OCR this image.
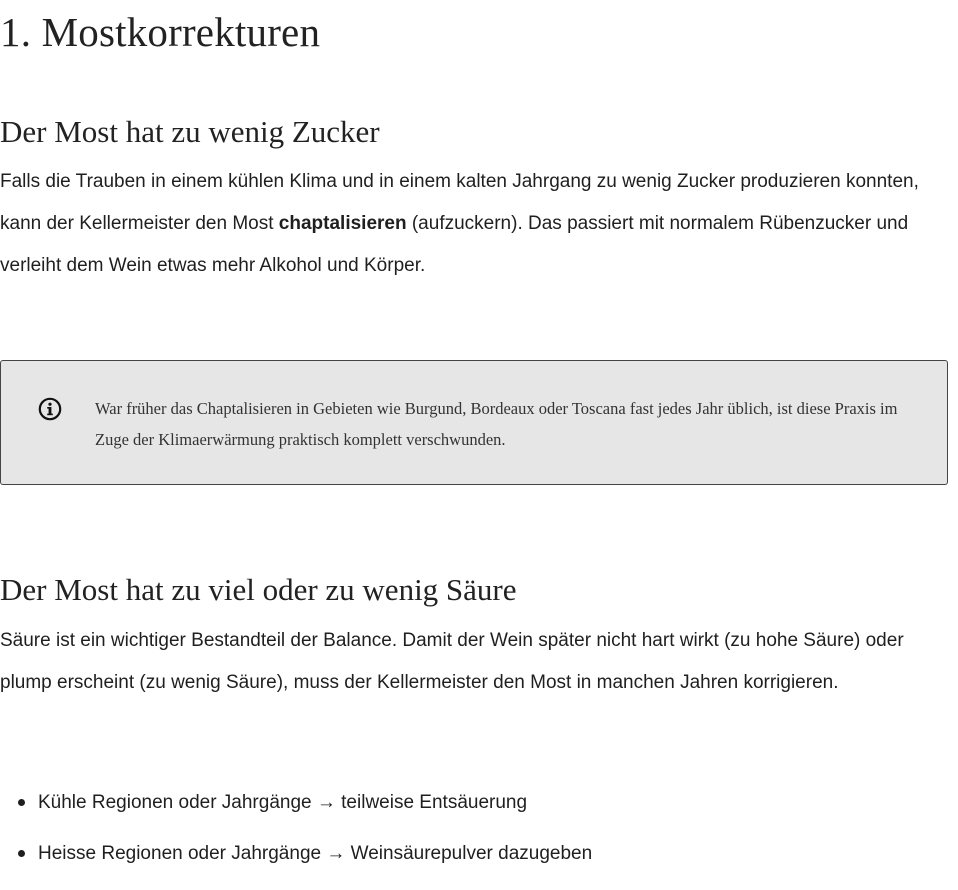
1. Mostkorrekturen
Der Most hat zu wenig Zucker

Falls die Trauben in einem kühlen Klima und in einem kalten Jahrgang zu wenig Zucker produzieren konnten, kann der Kellermeister den Most chaptalisieren (aufzuckern). Das passiert mit normalem Rübenzucker und verleiht dem Wein etwas mehr Alkohol und Körper.

War früher das Chaptalisieren in Gebieten wie Burgund, Bordeaux oder Toscana fast jedes Jahr üblich, ist diese Praxis im Zuge der Klimaerwärmung praktisch komplett verschwunden.

Der Most hat zu viel oder zu wenig Säure

Säure ist ein wichtiger Bestandteil der Balance. Damit der Wein später nicht hart wirkt (zu hohe Säure) oder plump erscheint (zu wenig Säure), muss der Kellermeister den Most in manchen Jahren korrigieren.

Kühle Regionen oder Jahrgänge → teilweise Entsäuerung
Heisse Regionen oder Jahrgänge → Weinsäurepulver dazugeben
